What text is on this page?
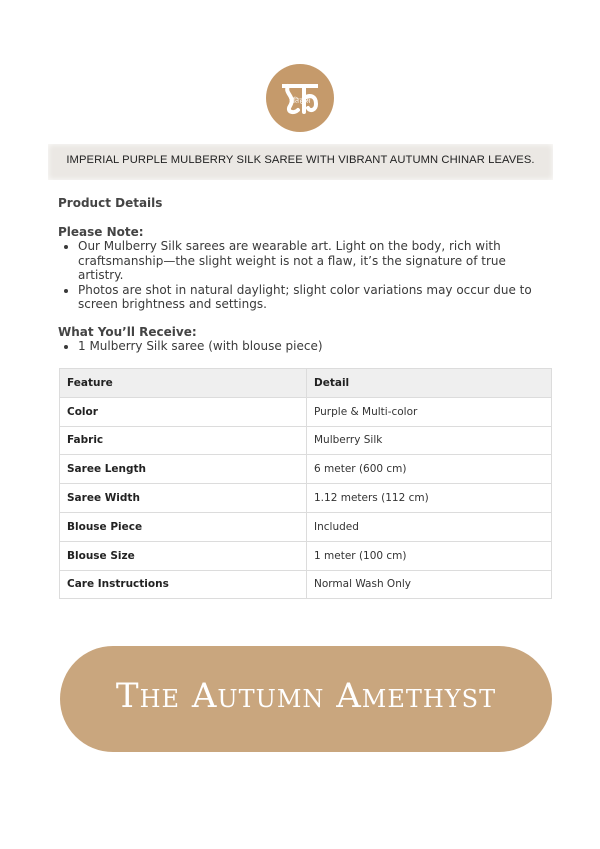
इतिहास
IMPERIAL PURPLE MULBERRY SILK SAREE WITH VIBRANT AUTUMN CHINAR LEAVES.
Product Details
Please Note:
• Our Mulberry Silk sarees are wearable art. Light on the body, rich with craftsmanship—the slight weight is not a flaw, it’s the signature of true artistry.
• Photos are shot in natural daylight; slight color variations may occur due to screen brightness and settings.
What You’ll Receive:
• 1 Mulberry Silk saree (with blouse piece)
Feature	Detail
Color	Purple & Multi-color
Fabric	Mulberry Silk
Saree Length	6 meter (600 cm)
Saree Width	1.12 meters (112 cm)
Blouse Piece	Included
Blouse Size	1 meter (100 cm)
Care Instructions	Normal Wash Only
The Autumn Amethyst
